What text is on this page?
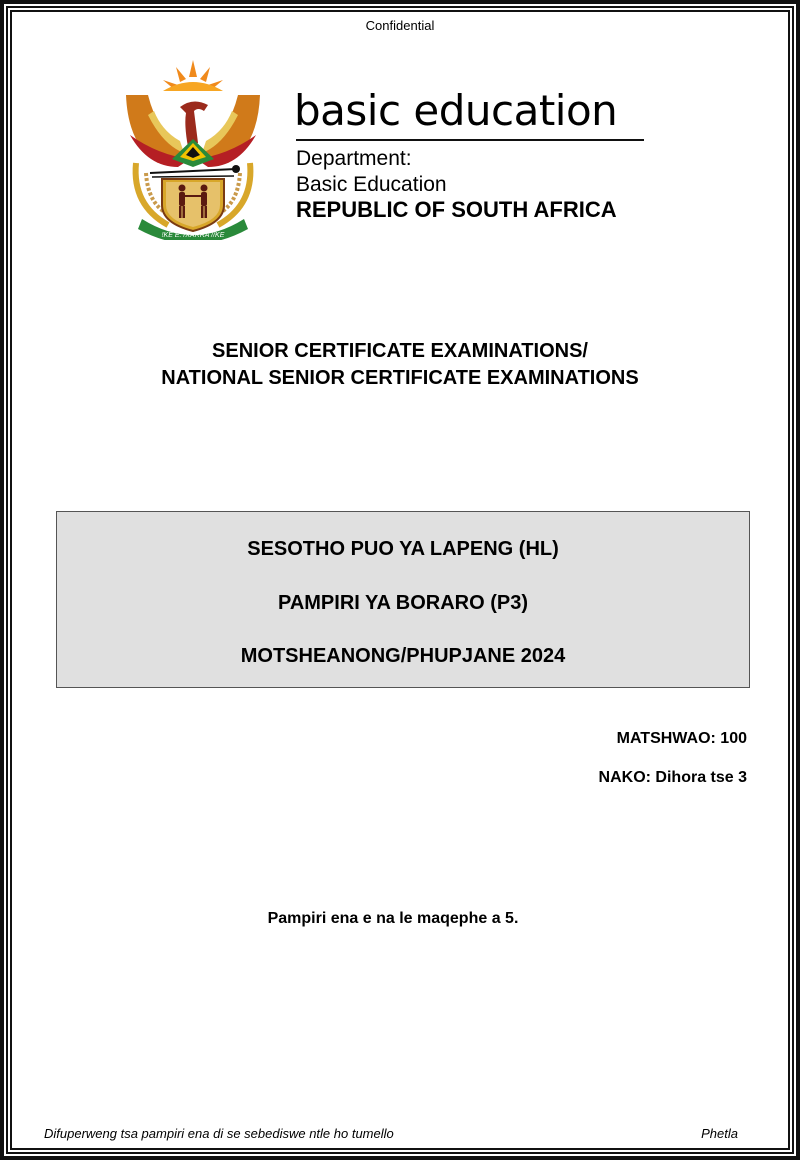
Confidential
!KE E: /XARRA //KE
basic education
Department:
Basic Education
REPUBLIC OF SOUTH AFRICA
SENIOR CERTIFICATE EXAMINATIONS/
NATIONAL SENIOR CERTIFICATE EXAMINATIONS
SESOTHO PUO YA LAPENG (HL)
PAMPIRI YA BORARO (P3)
MOTSHEANONG/PHUPJANE 2024
MATSHWAO: 100
NAKO: Dihora tse 3
Pampiri ena e na le maqephe a 5.
Difuperweng tsa pampiri ena di se sebediswe ntle ho tumello	Phetla
